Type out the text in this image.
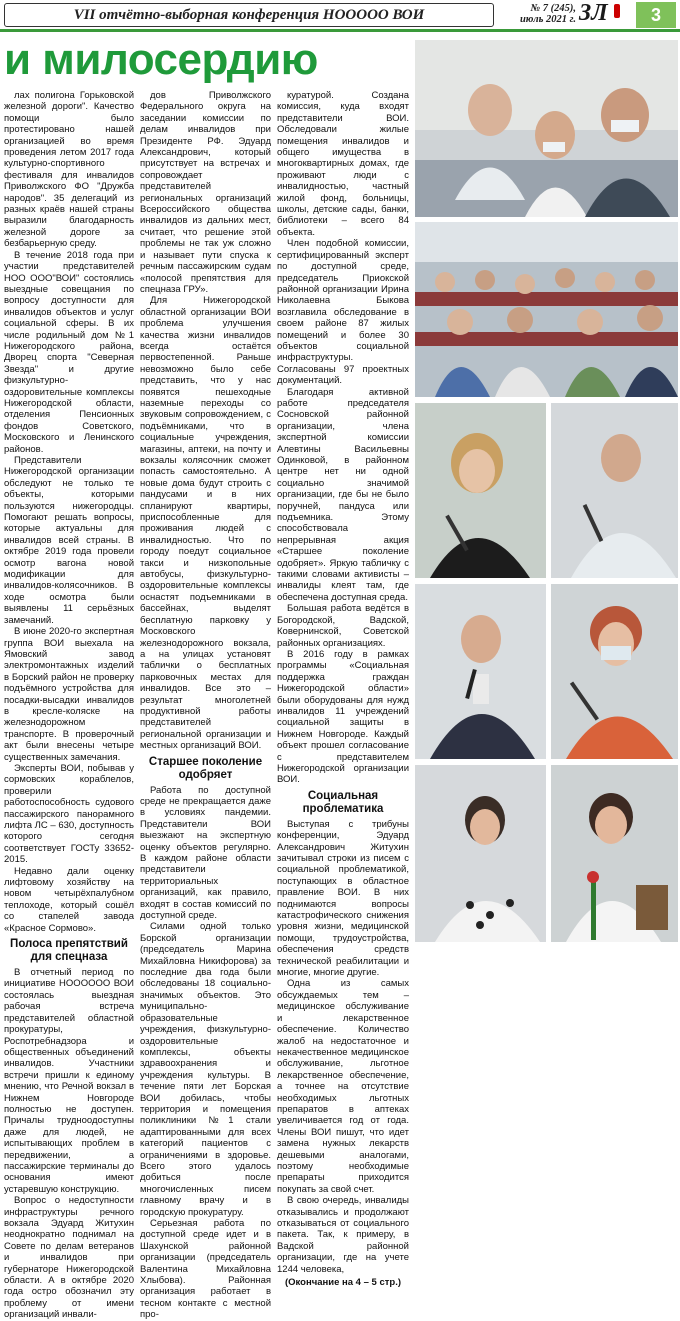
VII отчётно-выборная конференция НООООО ВОИ	№ 7 (245),
июль 2021 г. ЗЛ	3
и милосердию

лах полигона Горьковской железной дороги". Качество помощи было протестировано нашей организацией во время проведения летом 2017 года культурно-спортивного фестиваля для инвалидов Приволжского ФО "Дружба народов". 35 делегаций из разных краёв нашей страны выразили благодарность железной дороге за безбарьерную среду.

В течение 2018 года при участии представителей НОО ООО"ВОИ" состоялись выездные совещания по вопросу доступности для инвалидов объектов и услуг социальной сферы. В их числе родильный дом №1 Нижегородского района, Дворец спорта "Северная Звезда" и другие физкультурно-оздоровительные комплексы Нижегородской области, отделения Пенсионных фондов Советского, Московского и Ленинского районов.

Представители Нижегородской организации обследуют не только те объекты, которыми пользуются нижегородцы. Помогают решать вопросы, которые актуальны для инвалидов всей страны. В октябре 2019 года провели осмотр вагона новой модификации для инвалидов-колясочников. В ходе осмотра были выявлены 11 серьёзных замечаний.

В июне 2020-го экспертная группа ВОИ выехала на Ямовский завод электромонтажных изделий в Борский район не проверку подъёмного устройства для посадки-высадки инвалидов в кресле-коляске на железнодорожном транспорте. В проверочный акт были внесены четыре существенных замечания.

Эксперты ВОИ, побывав у сормовских кораблелов, проверили работоспособность судового пассажирского панорамного лифта ЛС – 630, доступность которого сегодня соответствует ГОСТу 33652-2015.

Недавно дали оценку лифтовому хозяйству на новом четырёхпалубном теплоходе, который сошёл со стапелей завода «Красное Сормово».

Полоса препятствий для спецназа

В отчетный период по инициативе НОООООО ВОИ состоялась выездная рабочая встреча представителей областной прокуратуры, Роспотребнадзора и общественных объединений инвалидов. Участники встречи пришли к единому мнению, что Речной вокзал в Нижнем Новгороде полностью не доступен. Причалы трудноодоступны даже для людей, не испытывающих проблем в передвижении, а пассажирские терминалы до основания имеют устаревшую конструкцию.

Вопрос о недоступности инфраструктуры речного вокзала Эдуард Житухин неоднократно поднимал на Совете по делам ветеранов и инвалидов при губернаторе Нижегородской области. А в октябре 2020 года остро обозначил эту проблему от имени организаций инвали-

дов Приволжского Федерального округа на заседании комиссии по делам инвалидов при Президенте РФ. Эдуард Александрович, который присутствует на встречах и сопровождает представителей региональных организаций Всероссийского общества инвалидов из дальних мест, считает, что решение этой проблемы не так уж сложно и называет пути спуска к речным пассажирским судам «полосой препятствия для спецназа ГРУ».

Для Нижегородской областной организации ВОИ проблема улучшения качества жизни инвалидов всегда остаётся первостепенной. Раньше невозможно было себе представить, что у нас появятся пешеходные наземные переходы со звуковым сопровождением, с подъёмниками, что в социальные учреждения, магазины, аптеки, на почту и вокзалы колясочник сможет попасть самостоятельно. А новые дома будут строить с пандусами и в них спланируют квартиры, приспособленные для проживания людей с инвалидностью. Что по городу поедут социальное такси и низкопольные автобусы, физкультурно-оздоровительные комплексы оснастят подъемниками в бассейнах, выделят бесплатную парковку у Московского железнодорожного вокзала, а на улицах установят таблички о бесплатных парковочных местах для инвалидов. Все это – результат многолетней продуктивной работы представителей региональной организации и местных организаций ВОИ.

Старшее поколение одобряет

Работа по доступной среде не прекращается даже в условиях пандемии. Представители ВОИ выезжают на экспертную оценку объектов регулярно. В каждом районе области представители территориальных организаций, как правило, входят в состав комиссий по доступной среде.

Силами одной только Борской организации (председатель Марина Михайловна Никифорова) за последние два года были обследованы 18 социально-значимых объектов. Это муниципально-образовательные учреждения, физкультурно-оздоровительные комплексы, объекты здравоохранения и учреждения культуры. В течение пяти лет Борская ВОИ добилась, чтобы территория и помещения поликлиники №1 стали адаптированными для всех категорий пациентов с ограничениями в здоровье. Всего этого удалось добиться после многочисленных писем главному врачу и в городскую прокуратуру.

Серьезная работа по доступной среде идет и в Шахунской районной организации (председатель Валентина Михайловна Хлыбова). Районная организация работает в тесном контакте с местной про-

куратурой. Создана комиссия, куда входят представители ВОИ. Обследовали жилые помещения инвалидов и общего имущества в многоквартирных домах, где проживают люди с инвалидностью, частный жилой фонд, больницы, школы, детские сады, банки, библиотеки – всего 84 объекта.

Член подобной комиссии, сертифицированный эксперт по доступной среде, председатель Приокской районной организации Ирина Николаевна Быкова возглавила обследование в своем районе 87 жилых помещений и более 30 объектов социальной инфраструктуры. Согласованы 97 проектных документаций.

Благодаря активной работе председателя Сосновской районной организации, члена экспертной комиссии Алевтины Васильевны Одинковой, в районном центре нет ни одной социально значимой организации, где бы не было поручней, пандуса или подъемника. Этому способствовала непрерывная акция «Старшее поколение одобряет». Яркую табличку с такими словами активисты – инвалиды клеят там, где обеспечена доступная среда.

Большая работа ведётся в Богородской, Вадской, Ковернинской, Советской районных организациях.

В 2016 году в рамках программы «Социальная поддержка граждан Нижегородской области» были оборудованы для нужд инвалидов 11 учреждений социальной защиты в Нижнем Новгороде. Каждый объект прошел согласование с представителем Нижегородской организации ВОИ.

Социальная проблематика

Выступая с трибуны конференции, Эдуард Александрович Житухин зачитывал строки из писем с социальной проблематикой, поступающих в областное правление ВОИ. В них поднимаются вопросы катастрофического снижения уровня жизни, медицинской помощи, трудоустройства, обеспечения средств технической реабилитации и многие, многие другие.

Одна из самых обсуждаемых тем – медицинское обслуживание и лекарственное обеспечение. Количество жалоб на недостаточное и некачественное медицинское обслуживание, льготное лекарственное обеспечение, а точнее на отсутствие необходимых льготных препаратов в аптеках увеличивается год от года. Члены ВОИ пишут, что идет замена нужных лекарств дешевыми аналогами, поэтому необходимые препараты приходится покупать за свой счет.

В свою очередь, инвалиды отказывались и продолжают отказываться от социального пакета. Так, к примеру, в Вадской районной организации, где на учете 1244 человека,

(Окончание на 4 – 5 стр.)
